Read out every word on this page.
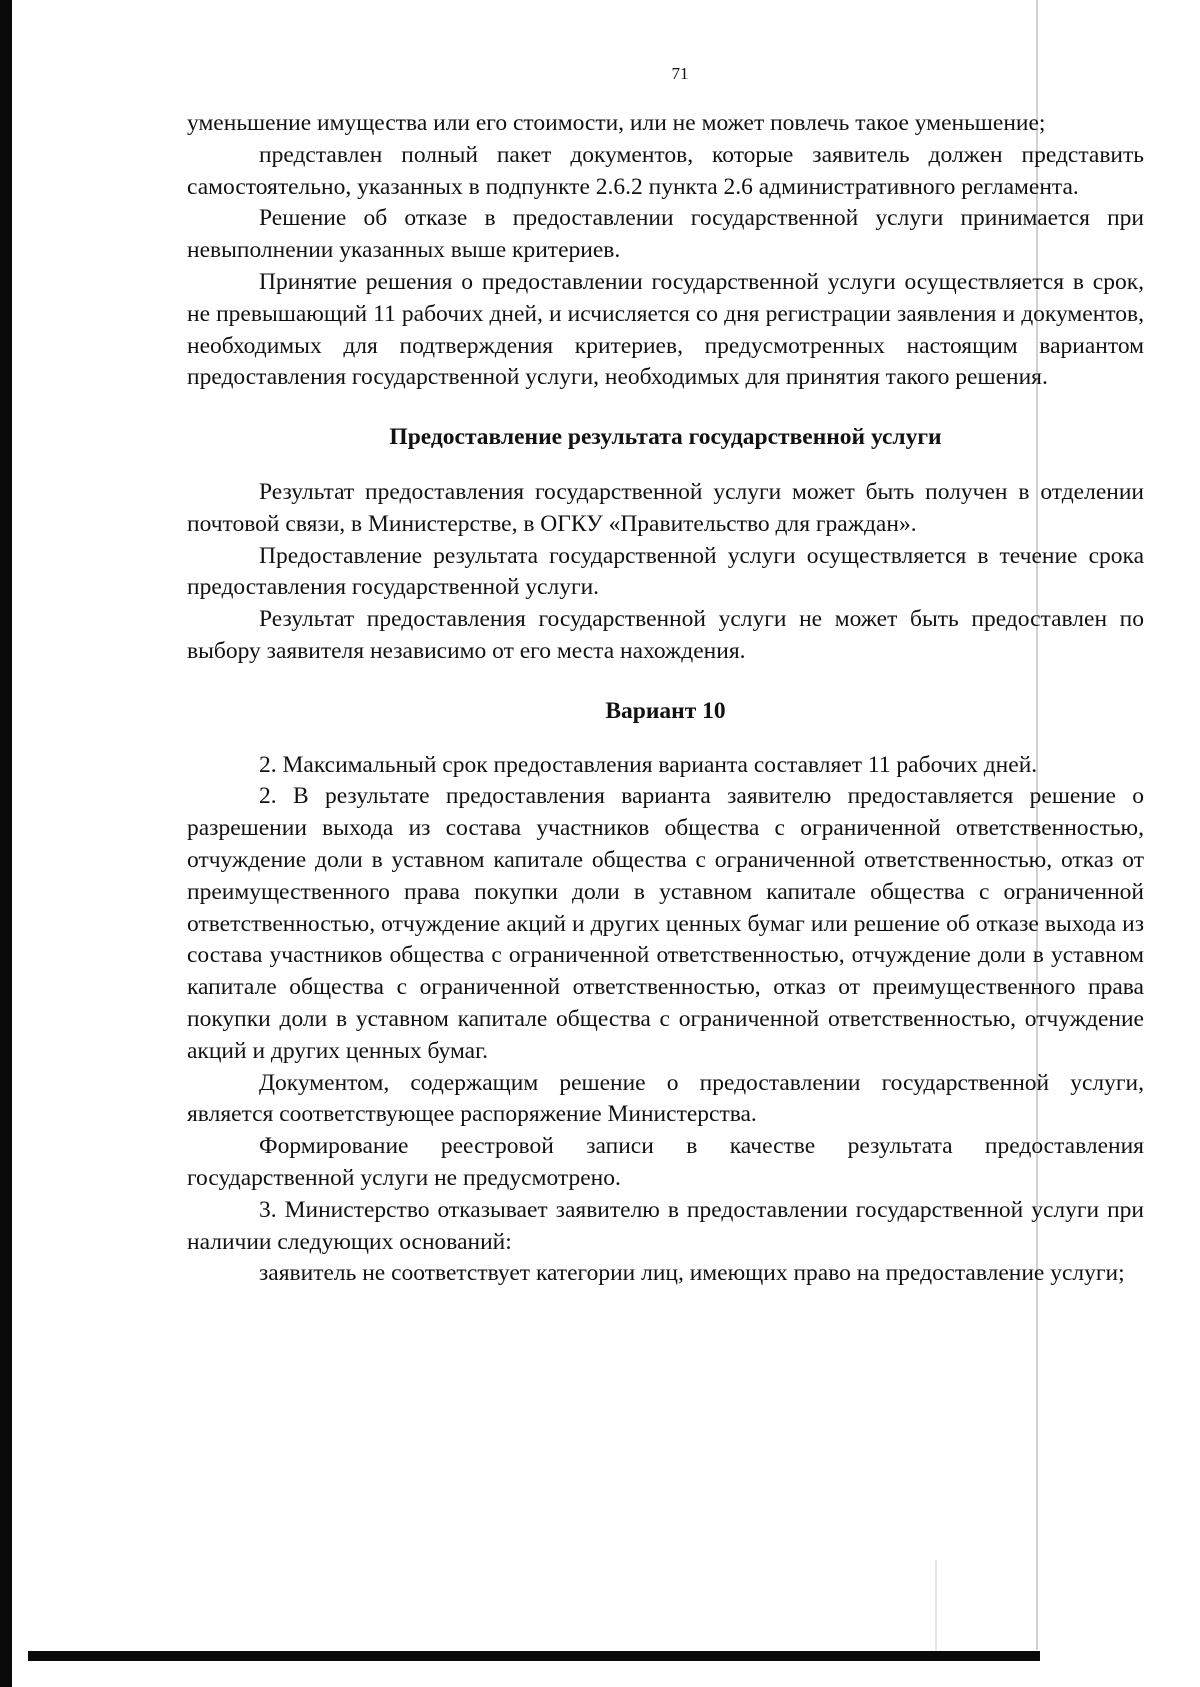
71

уменьшение имущества или его стоимости, или не может повлечь такое уменьшение;

представлен полный пакет документов, которые заявитель должен представить самостоятельно, указанных в подпункте 2.6.2 пункта 2.6 административного регламента.

Решение об отказе в предоставлении государственной услуги принимается при невыполнении указанных выше критериев.

Принятие решения о предоставлении государственной услуги осуществляется в срок, не превышающий 11 рабочих дней, и исчисляется со дня регистрации заявления и документов, необходимых для подтверждения критериев, предусмотренных настоящим вариантом предоставления государственной услуги, необходимых для принятия такого решения.

Предоставление результата государственной услуги

Результат предоставления государственной услуги может быть получен в отделении почтовой связи, в Министерстве, в ОГКУ «Правительство для граждан».

Предоставление результата государственной услуги осуществляется в течение срока предоставления государственной услуги.

Результат предоставления государственной услуги не может быть предоставлен по выбору заявителя независимо от его места нахождения.

Вариант 10

2. Максимальный срок предоставления варианта составляет 11 рабочих дней.

2. В результате предоставления варианта заявителю предоставляется решение о разрешении выхода из состава участников общества с ограниченной ответственностью, отчуждение доли в уставном капитале общества с ограниченной ответственностью, отказ от преимущественного права покупки доли в уставном капитале общества с ограниченной ответственностью, отчуждение акций и других ценных бумаг или решение об отказе выхода из состава участников общества с ограниченной ответственностью, отчуждение доли в уставном капитале общества с ограниченной ответственностью, отказ от преимущественного права покупки доли в уставном капитале общества с ограниченной ответственностью, отчуждение акций и других ценных бумаг.

Документом, содержащим решение о предоставлении государственной услуги, является соответствующее распоряжение Министерства.

Формирование реестровой записи в качестве результата предоставления государственной услуги не предусмотрено.

3. Министерство отказывает заявителю в предоставлении государственной услуги при наличии следующих оснований:

заявитель не соответствует категории лиц, имеющих право на предоставление услуги;
